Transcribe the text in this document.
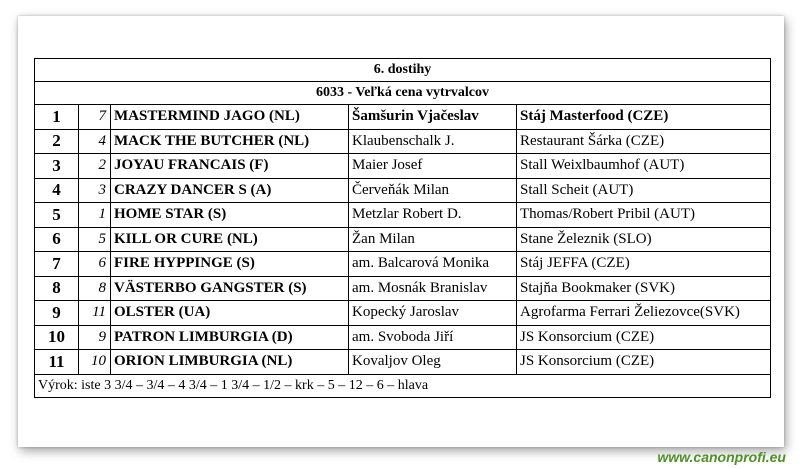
6. dostihy				
6033 - Veľká cena vytrvalcov				
1	7	MASTERMIND JAGO (NL)	Šamšurin Vjačeslav	Stáj Masterfood (CZE)
2	4	MACK THE BUTCHER (NL)	Klaubenschalk J.	Restaurant Šárka (CZE)
3	2	JOYAU FRANCAIS (F)	Maier Josef	Stall Weixlbaumhof (AUT)
4	3	CRAZY DANCER S (A)	Červeňák Milan	Stall Scheit (AUT)
5	1	HOME STAR (S)	Metzlar Robert D.	Thomas/Robert Pribil (AUT)
6	5	KILL OR CURE (NL)	Žan Milan	Stane Železnik (SLO)
7	6	FIRE HYPPINGE (S)	am. Balcarová Monika	Stáj JEFFA (CZE)
8	8	VÄSTERBO GANGSTER (S)	am. Mosnák Branislav	Stajňa Bookmaker (SVK)
9	11	OLSTER (UA)	Kopecký Jaroslav	Agrofarma Ferrari Želiezovce(SVK)
10	9	PATRON LIMBURGIA (D)	am. Svoboda Jiří	JS Konsorcium (CZE)
11	10	ORION LIMBURGIA (NL)	Kovaljov Oleg	JS Konsorcium (CZE)
Výrok: iste 3 3/4 – 3/4 – 4 3/4 – 1 3/4 – 1/2 – krk – 5 – 12 – 6 – hlava				
www.canonprofi.eu
